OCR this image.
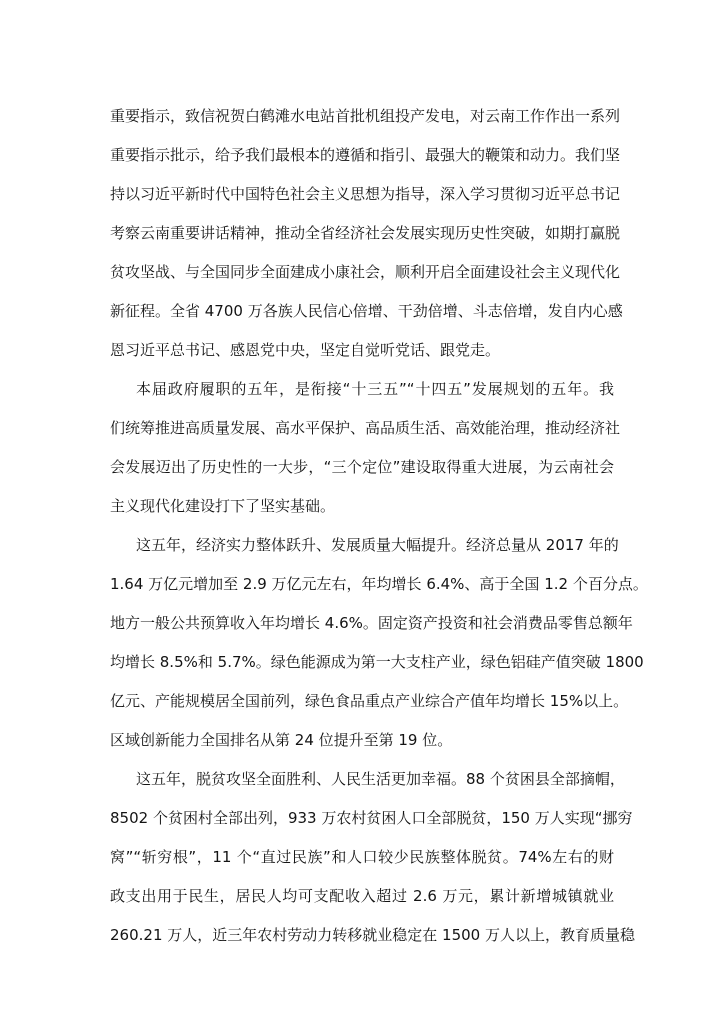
重要指示，致信祝贺白鹤滩水电站首批机组投产发电，对云南工作作出一系列
重要指示批示，给予我们最根本的遵循和指引、最强大的鞭策和动力。我们坚
持以习近平新时代中国特色社会主义思想为指导，深入学习贯彻习近平总书记
考察云南重要讲话精神，推动全省经济社会发展实现历史性突破，如期打赢脱
贫攻坚战、与全国同步全面建成小康社会，顺利开启全面建设社会主义现代化
新征程。全省 4700 万各族人民信心倍增、干劲倍增、斗志倍增，发自内心感
恩习近平总书记、感恩党中央，坚定自觉听党话、跟党走。
本届政府履职的五年，是衔接“十三五”“十四五”发展规划的五年。我
们统筹推进高质量发展、高水平保护、高品质生活、高效能治理，推动经济社
会发展迈出了历史性的一大步，“三个定位”建设取得重大进展，为云南社会
主义现代化建设打下了坚实基础。
这五年，经济实力整体跃升、发展质量大幅提升。经济总量从 2017 年的
1.64 万亿元增加至 2.9 万亿元左右，年均增长 6.4%、高于全国 1.2 个百分点。
地方一般公共预算收入年均增长 4.6%。固定资产投资和社会消费品零售总额年
均增长 8.5%和 5.7%。绿色能源成为第一大支柱产业，绿色铝硅产值突破 1800
亿元、产能规模居全国前列，绿色食品重点产业综合产值年均增长 15%以上。
区域创新能力全国排名从第 24 位提升至第 19 位。
这五年，脱贫攻坚全面胜利、人民生活更加幸福。88 个贫困县全部摘帽，
8502 个贫困村全部出列，933 万农村贫困人口全部脱贫，150 万人实现“挪穷
窝”“斩穷根”，11 个“直过民族”和人口较少民族整体脱贫。74%左右的财
政支出用于民生，居民人均可支配收入超过 2.6 万元，累计新增城镇就业
260.21 万人，近三年农村劳动力转移就业稳定在 1500 万人以上，教育质量稳
